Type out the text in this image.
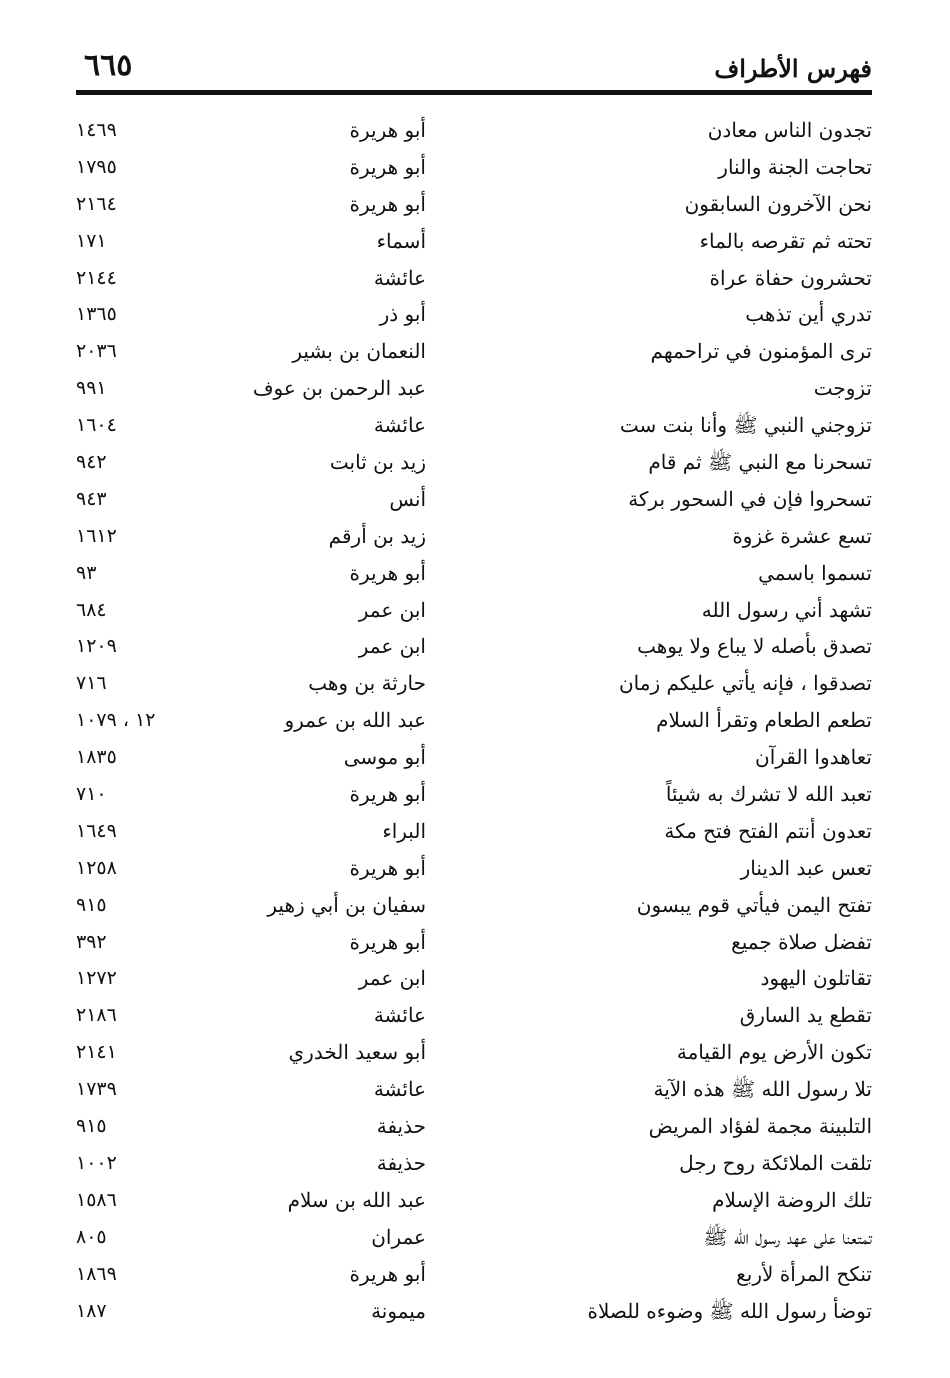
٦٦٥	فهرس الأطراف
تجدون الناس معادن
أبو هريرة
١٤٦٩
تحاجت الجنة والنار
أبو هريرة
١٧٩٥
نحن الآخرون السابقون
أبو هريرة
٢١٦٤
تحته ثم تقرصه بالماء
أسماء
١٧١
تحشرون حفاة عراة
عائشة
٢١٤٤
تدري أين تذهب
أبو ذر
١٣٦٥
ترى المؤمنون في تراحمهم
النعمان بن بشير
٢٠٣٦
تزوجت
عبد الرحمن بن عوف
٩٩١
تزوجني النبي ﷺ وأنا بنت ست
عائشة
١٦٠٤
تسحرنا مع النبي ﷺ ثم قام
زيد بن ثابت
٩٤٢
تسحروا فإن في السحور بركة
أنس
٩٤٣
تسع عشرة غزوة
زيد بن أرقم
١٦١٢
تسموا باسمي
أبو هريرة
٩٣
تشهد أني رسول الله
ابن عمر
٦٨٤
تصدق بأصله لا يباع ولا يوهب
ابن عمر
١٢٠٩
تصدقوا ، فإنه يأتي عليكم زمان
حارثة بن وهب
٧١٦
تطعم الطعام وتقرأ السلام
عبد الله بن عمرو
١٢ ، ١٠٧٩
تعاهدوا القرآن
أبو موسى
١٨٣٥
تعبد الله لا تشرك به شيئاً
أبو هريرة
٧١٠
تعدون أنتم الفتح فتح مكة
البراء
١٦٤٩
تعس عبد الدينار
أبو هريرة
١٢٥٨
تفتح اليمن فيأتي قوم يبسون
سفيان بن أبي زهير
٩١٥
تفضل صلاة جميع
أبو هريرة
٣٩٢
تقاتلون اليهود
ابن عمر
١٢٧٢
تقطع يد السارق
عائشة
٢١٨٦
تكون الأرض يوم القيامة
أبو سعيد الخدري
٢١٤١
تلا رسول الله ﷺ هذه الآية
عائشة
١٧٣٩
التلبينة مجمة لفؤاد المريض
حذيفة
٩١٥
تلقت الملائكة روح رجل
حذيفة
١٠٠٢
تلك الروضة الإسلام
عبد الله بن سلام
١٥٨٦
تمتعنا على عهد رسول الله ﷺ
عمران
٨٠٥
تنكح المرأة لأربع
أبو هريرة
١٨٦٩
توضأ رسول الله ﷺ وضوءه للصلاة
ميمونة
١٨٧
